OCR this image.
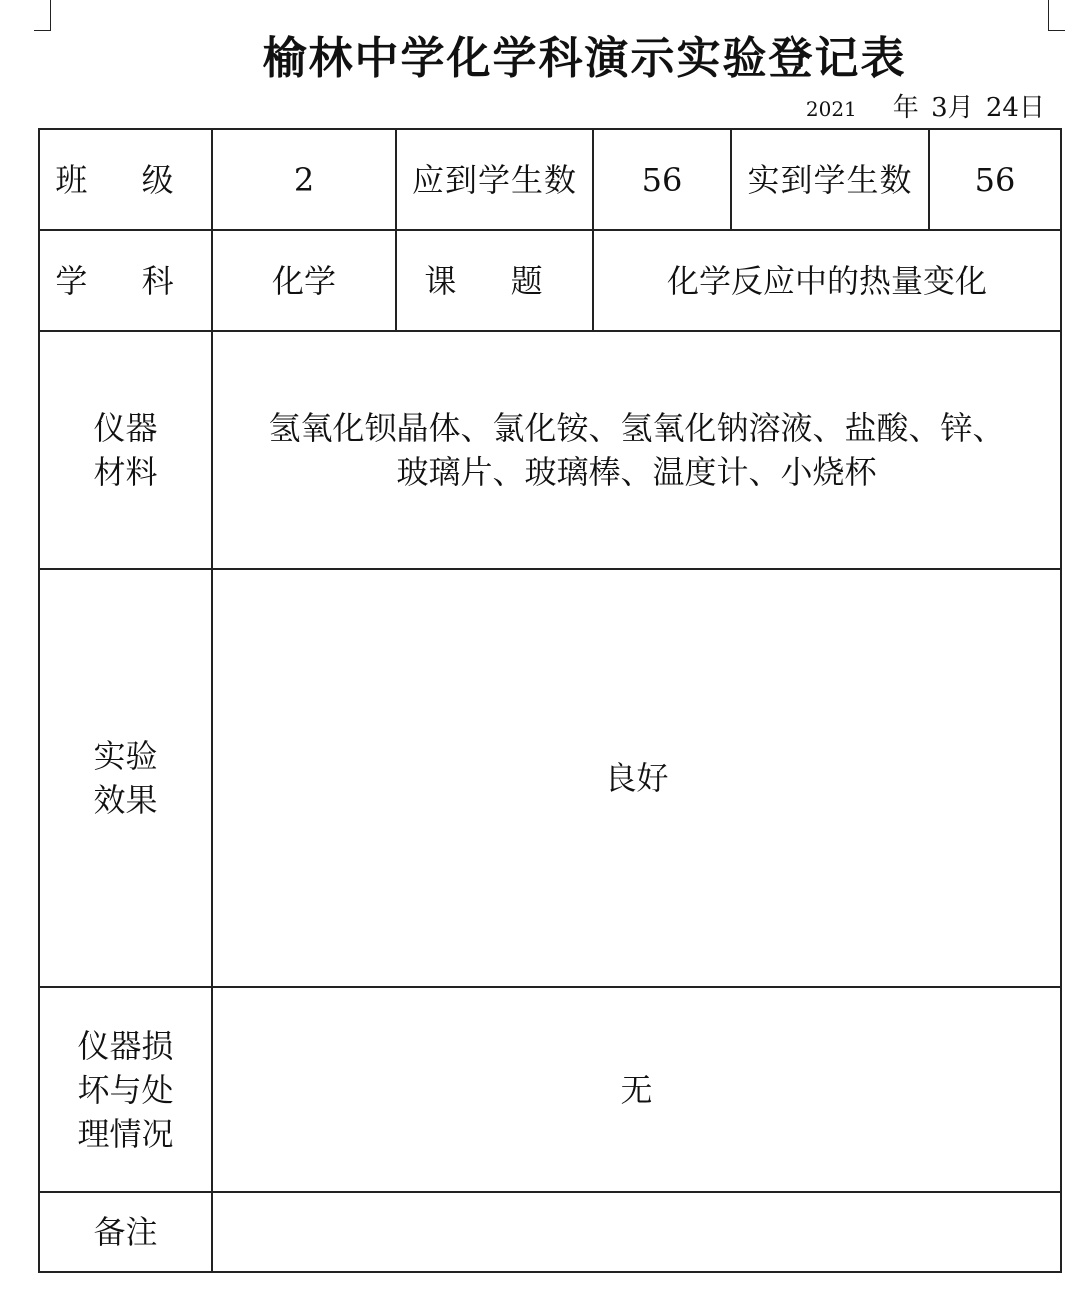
榆林中学化学科演示实验登记表
2021 年 3月 24日
班 级	2	应到学生数	56	实到学生数	56
学 科	化学	课 题	化学反应中的热量变化		

仪器
材料	氢氧化钡晶体、氯化铵、氢氧化钠溶液、盐酸、锌、
玻璃片、玻璃棒、温度计、小烧杯				

实验
效果	良好				

仪器损
坏与处
理情况	无				
备注					
